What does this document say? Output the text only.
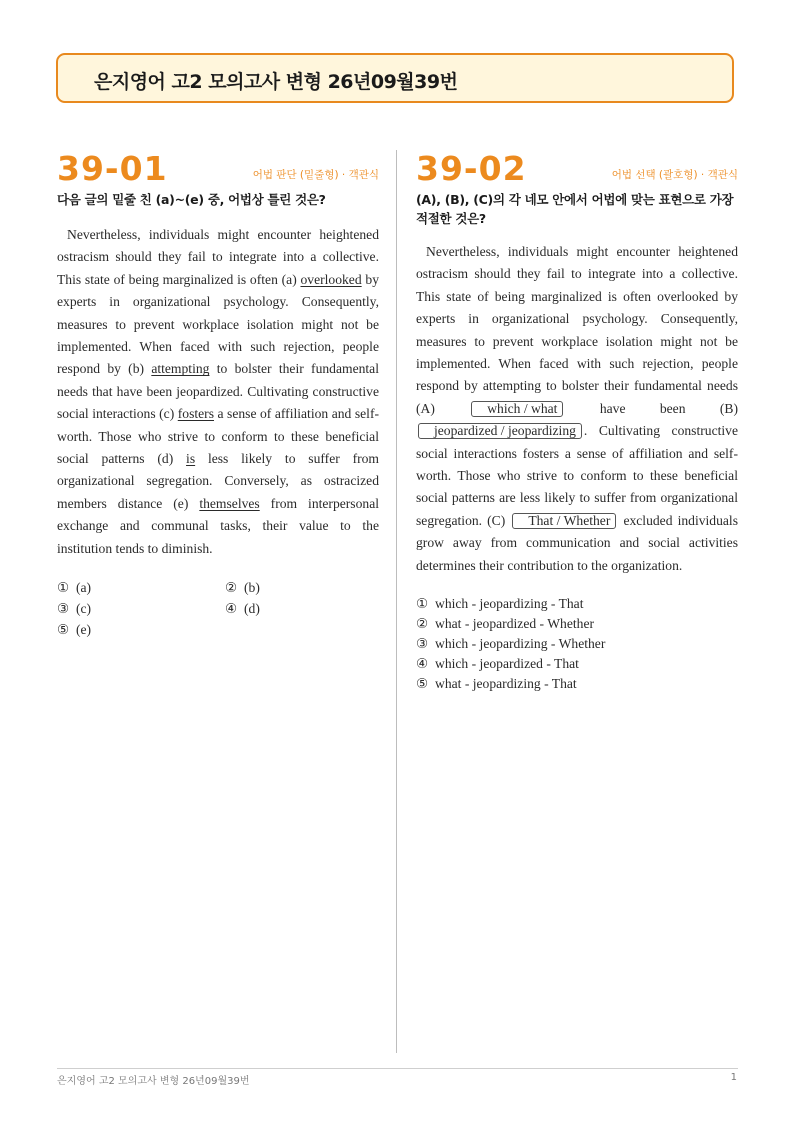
은지영어 고2 모의고사 변형 26년09월39번
39-01	어법 판단 (밑줄형) · 객관식
다음 글의 밑줄 친 (a)~(e) 중, 어법상 틀린 것은?

Nevertheless, individuals might encounter heightened ostracism should they fail to integrate into a collective. This state of being marginalized is often (a) overlooked by experts in organizational psychology. Consequently, measures to prevent workplace isolation might not be implemented. When faced with such rejection, people respond by (b) attempting to bolster their fundamental needs that have been jeopardized. Cultivating constructive social interactions (c) fosters a sense of affiliation and self-worth. Those who strive to conform to these beneficial social patterns (d) is less likely to suffer from organizational segregation. Conversely, as ostracized members distance (e) themselves from interpersonal exchange and communal tasks, their value to the institution tends to diminish.

① (a)	② (b)
③ (c)	④ (d)
⑤ (e)
39-02	어법 선택 (괄호형) · 객관식
(A), (B), (C)의 각 네모 안에서 어법에 맞는 표현으로 가장 적절한 것은?

Nevertheless, individuals might encounter heightened ostracism should they fail to integrate into a collective. This state of being marginalized is often overlooked by experts in organizational psychology. Consequently, measures to prevent workplace isolation might not be implemented. When faced with such rejection, people respond by attempting to bolster their fundamental needs (A) which / what have been (B) jeopardized / jeopardizing . Cultivating constructive social interactions fosters a sense of affiliation and self-worth. Those who strive to conform to these beneficial social patterns are less likely to suffer from organizational segregation. (C) That / Whether excluded individuals grow away from communication and social activities determines their contribution to the organization.

① which - jeopardizing - That
② what - jeopardized - Whether
③ which - jeopardizing - Whether
④ which - jeopardized - That
⑤ what - jeopardizing - That
은지영어 고2 모의고사 변형 26년09월39번	1
